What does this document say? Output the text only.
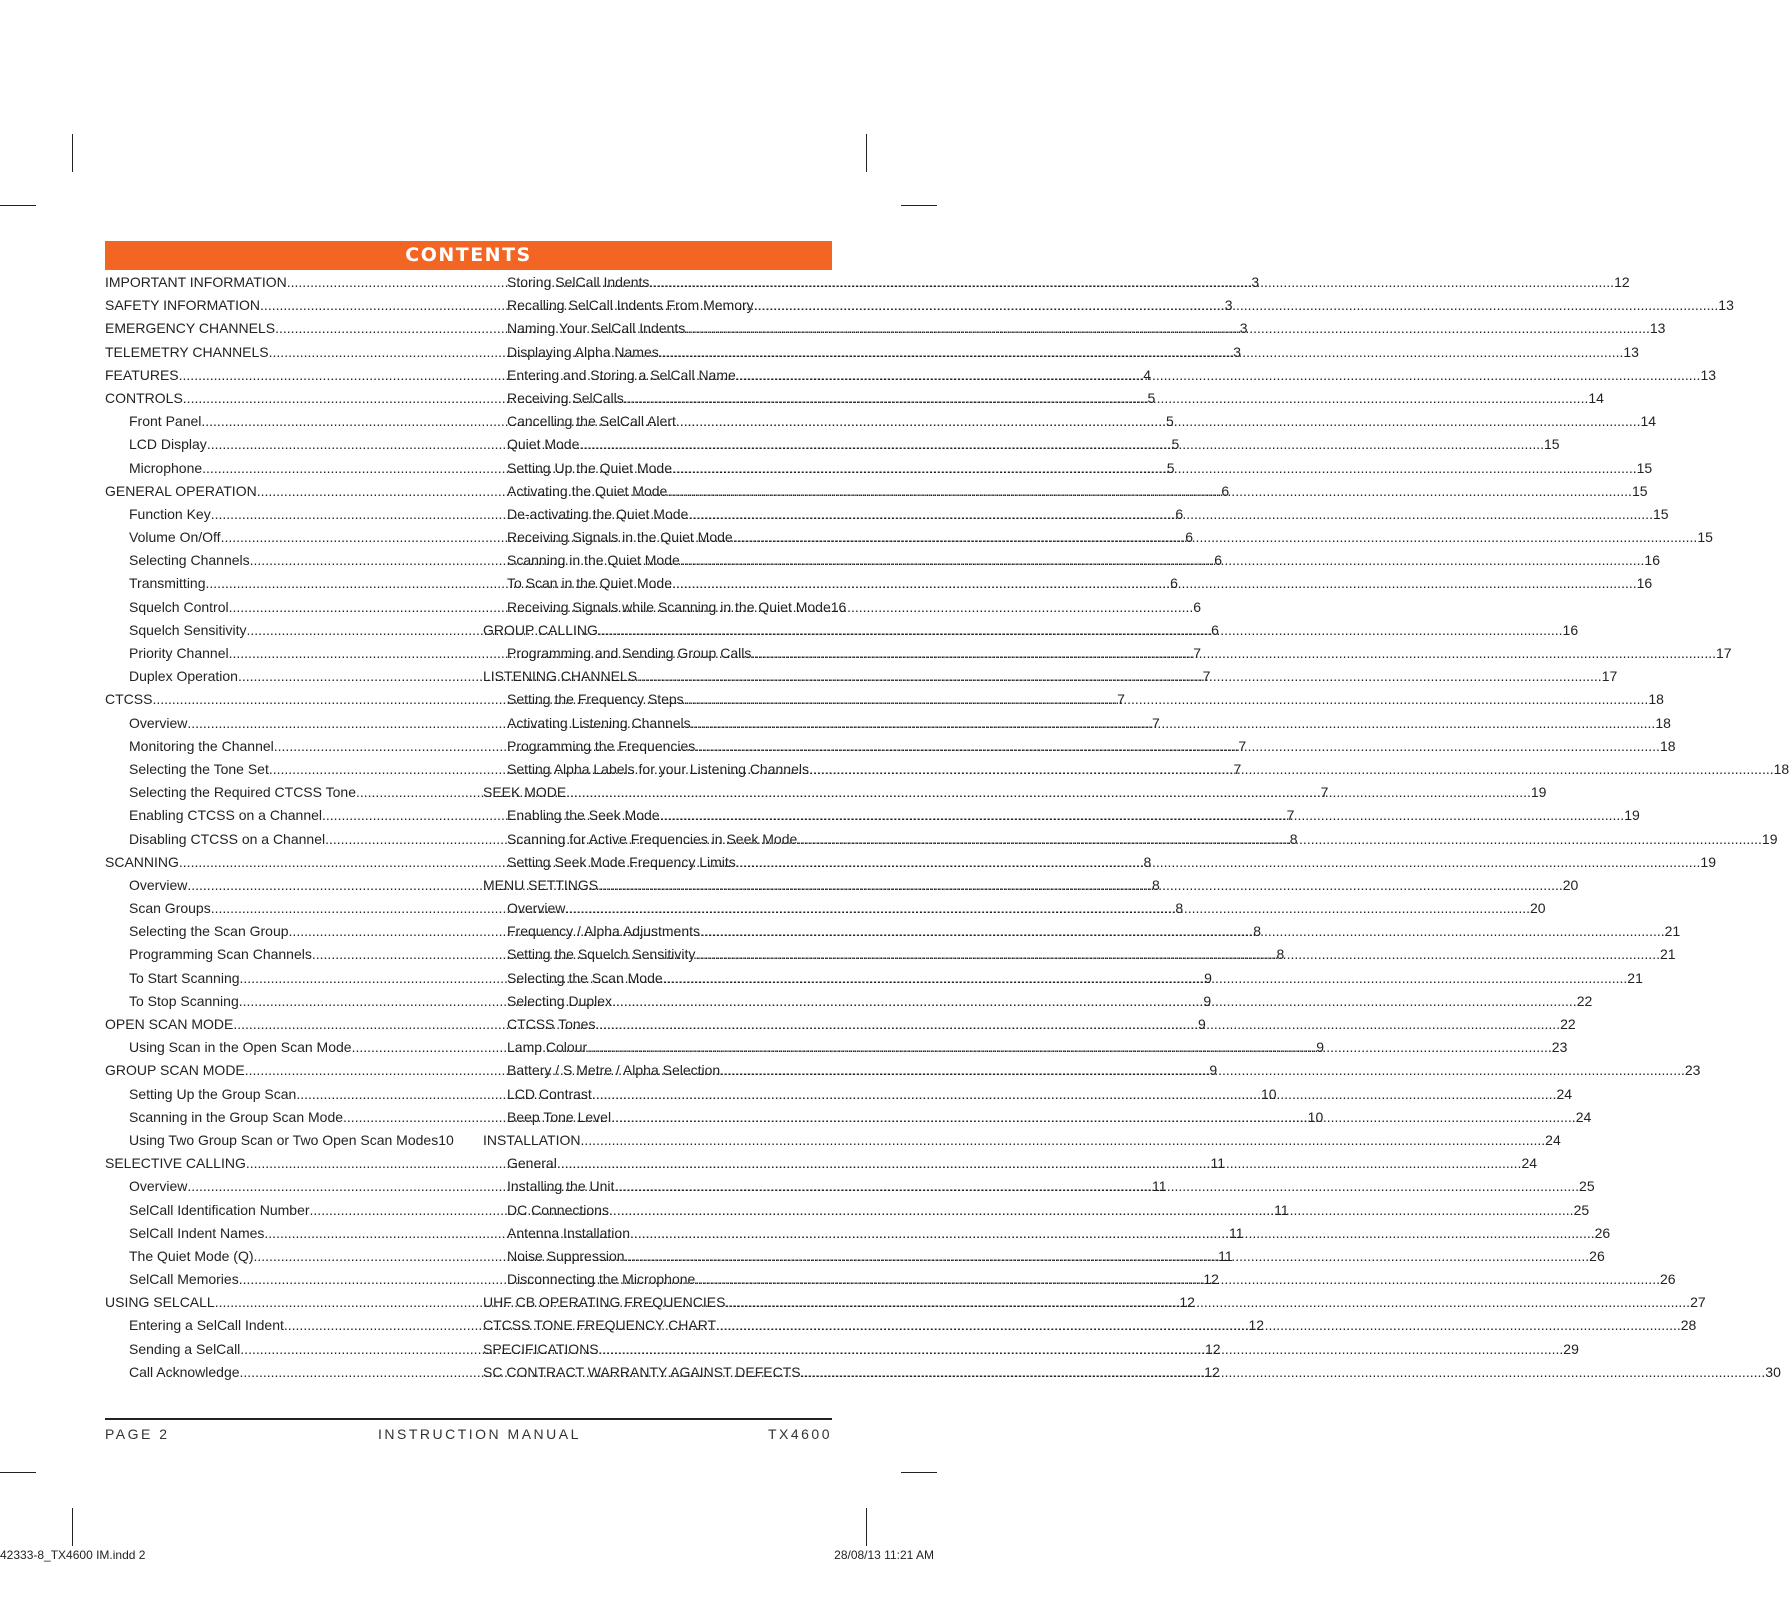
CONTENTS
IMPORTANT INFORMATION .....	3
SAFETY INFORMATION .....	3
EMERGENCY CHANNELS .....	3
TELEMETRY CHANNELS .....	3
FEATURES .....	4
CONTROLS .....	5
Front Panel .....	5
LCD Display .....	5
Microphone .....	5
GENERAL OPERATION .....	6
Function Key .....	6
Volume On/Off .....	6
Selecting Channels .....	6
Transmitting .....	6
Squelch Control .....	6
Squelch Sensitivity .....	6
Priority Channel .....	7
Duplex Operation .....	7
CTCSS .....	7
Overview .....	7
Monitoring the Channel .....	7
Selecting the Tone Set .....	7
Selecting the Required CTCSS Tone .....	7
Enabling CTCSS on a Channel .....	7
Disabling CTCSS on a Channel .....	8
SCANNING .....	8
Overview .....	8
Scan Groups .....	8
Selecting the Scan Group .....	8
Programming Scan Channels .....	8
To Start Scanning .....	9
To Stop Scanning .....	9
OPEN SCAN MODE .....	9
Using Scan in the Open Scan Mode .....	9
GROUP SCAN MODE .....	9
Setting Up the Group Scan .....	10
Scanning in the Group Scan Mode .....	10
Using Two Group Scan or Two Open Scan Modes 10
SELECTIVE CALLING .....	11
Overview .....	11
SelCall Identification Number .....	11
SelCall Indent Names .....	11
The Quiet Mode (Q) .....	11
SelCall Memories .....	12
USING SELCALL .....	12
Entering a SelCall Indent .....	12
Sending a SelCall .....	12
Call Acknowledge .....	12
Storing SelCall Indents .....	12
Recalling SelCall Indents From Memory .....	13
Naming Your SelCall Indents .....	13
Displaying Alpha Names .....	13
Entering and Storing a SelCall Name .....	13
Receiving SelCalls .....	14
Cancelling the SelCall Alert .....	14
Quiet Mode .....	15
Setting Up the Quiet Mode .....	15
Activating the Quiet Mode .....	15
De-activating the Quiet Mode .....	15
Receiving Signals in the Quiet Mode .....	15
Scanning in the Quiet Mode .....	16
To Scan in the Quiet Mode .....	16
Receiving Signals while Scanning in the Quiet Mode 16
GROUP CALLING .....	16
Programming and Sending Group Calls .....	17
LISTENING CHANNELS .....	17
Setting the Frequency Steps .....	18
Activating Listening Channels .....	18
Programming the Frequencies .....	18
Setting Alpha Labels for your Listening Channels .....	18
SEEK MODE .....	19
Enabling the Seek Mode .....	19
Scanning for Active Frequencies in Seek Mode .....	19
Setting Seek Mode Frequency Limits .....	19
MENU SETTINGS .....	20
Overview .....	20
Frequency / Alpha Adjustments .....	21
Setting the Squelch Sensitivity .....	21
Selecting the Scan Mode .....	21
Selecting Duplex .....	22
CTCSS Tones .....	22
Lamp Colour .....	23
Battery / S Metre / Alpha Selection .....	23
LCD Contrast .....	24
Beep Tone Level .....	24
INSTALLATION .....	24
General .....	24
Installing the Unit .....	25
DC Connections .....	25
Antenna Installation .....	26
Noise Suppression .....	26
Disconnecting the Microphone .....	26
UHF CB OPERATING FREQUENCIES .....	27
CTCSS TONE FREQUENCY CHART .....	28
SPECIFICATIONS .....	29
SC CONTRACT WARRANTY AGAINST DEFECTS .....	30
PAGE 2	INSTRUCTION MANUAL	TX4600
42333-8_TX4600 IM.indd 2	28/08/13 11:21 AM
